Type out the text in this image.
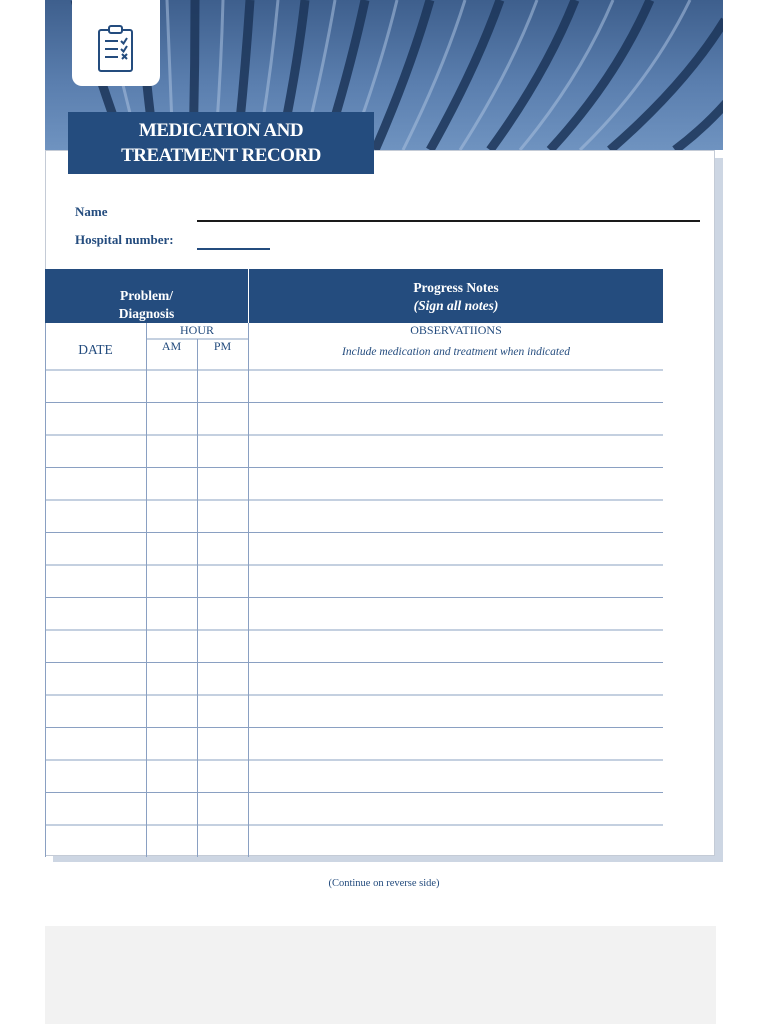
MEDICATION AND
TREATMENT RECORD
Name
Hospital number:
Problem/
Diagnosis
Progress Notes
(Sign all notes)
DATE
HOUR
AM	PM
OBSERVATIIONS
Include medication and treatment when indicated
(Continue on reverse side)
